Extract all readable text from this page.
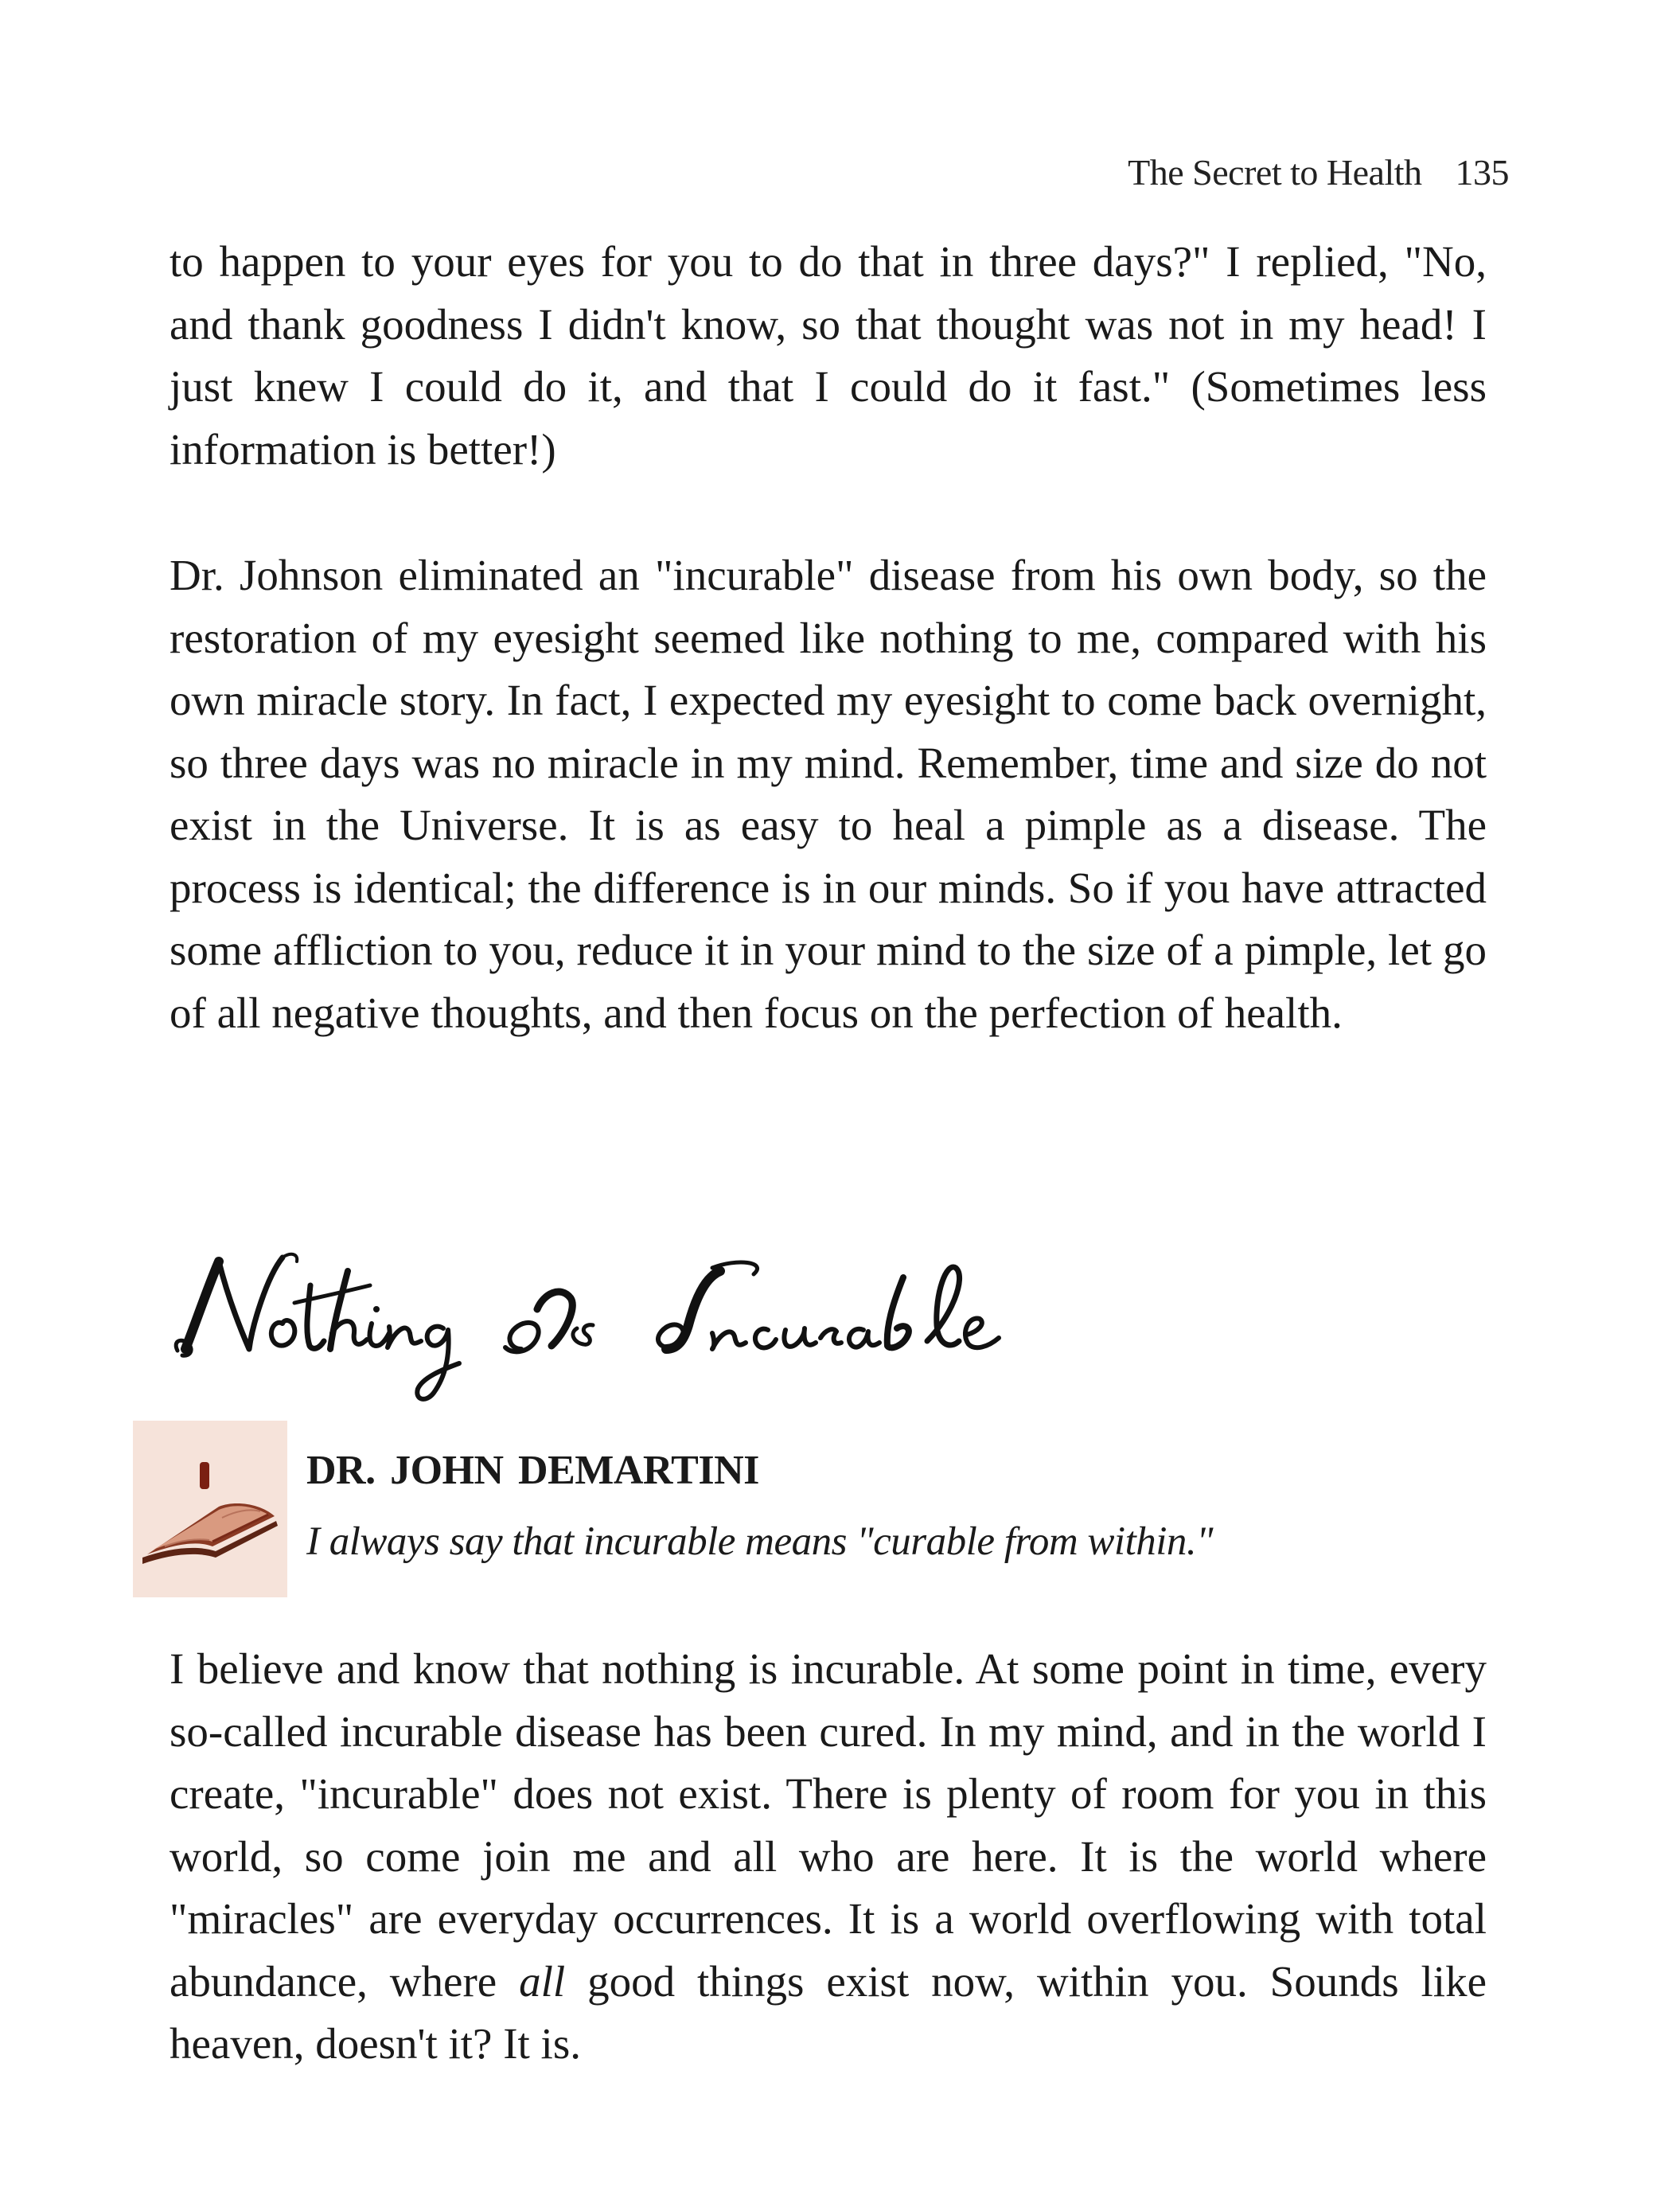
The Secret to Health 135

to happen to your eyes for you to do that in three days?" I replied, "No, and thank goodness I didn't know, so that thought was not in my head! I just knew I could do it, and that I could do it fast." (Sometimes less information is better!)

Dr. Johnson eliminated an "incurable" disease from his own body, so the restoration of my eyesight seemed like nothing to me, compared with his own miracle story. In fact, I expected my eyesight to come back overnight, so three days was no miracle in my mind. Remember, time and size do not exist in the Universe. It is as easy to heal a pimple as a disease. The process is identical; the difference is in our minds. So if you have attracted some affliction to you, reduce it in your mind to the size of a pimple, let go of all negative thoughts, and then focus on the perfection of health.

DR. JOHN DEMARTINI
I always say that incurable means "curable from within."

I believe and know that nothing is incurable. At some point in time, every so-called incurable disease has been cured. In my mind, and in the world I create, "incurable" does not exist. There is plenty of room for you in this world, so come join me and all who are here. It is the world where "miracles" are everyday occurrences. It is a world overflowing with total abundance, where all good things exist now, within you. Sounds like heaven, doesn't it? It is.
